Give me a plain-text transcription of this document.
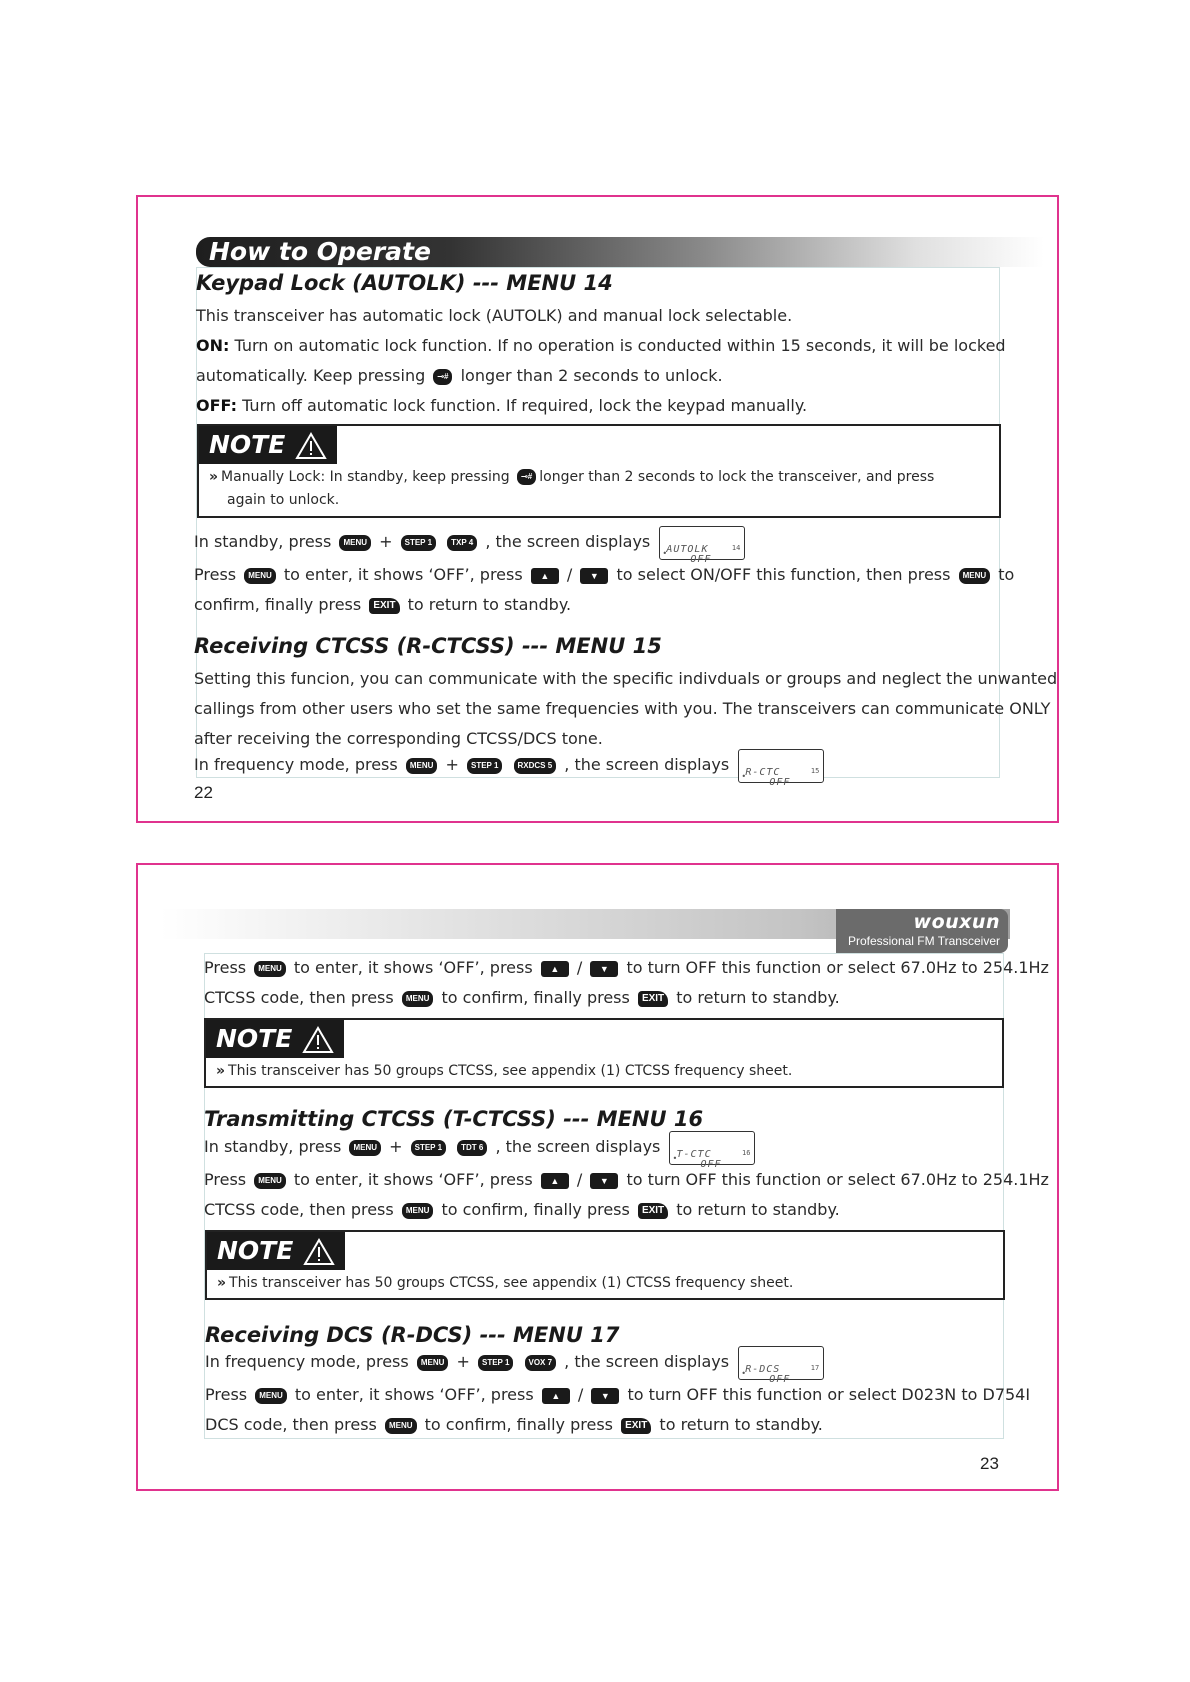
How to Operate
Keypad Lock (AUTOLK) --- MENU 14
This transceiver has automatic lock (AUTOLK) and manual lock selectable.
ON: Turn on automatic lock function. If no operation is conducted within 15 seconds, it will be locked
automatically. Keep pressing ⊸# longer than 2 seconds to unlock.
OFF: Turn off automatic lock function. If required, lock the keypad manually.
NOTE
» Manually Lock: In standby, keep pressing ⊸# longer than 2 seconds to lock the transceiver, and press
again to unlock.
In standby, press MENU + STEP 1 TXP 4 , the screen displays
• AUTOLK
OFF
14
Press MENU to enter, it shows ‘OFF’, press ▲ / ▼ to select ON/OFF this function, then press MENU to
confirm, finally press EXIT to return to standby.
Receiving CTCSS (R-CTCSS) --- MENU 15
Setting this funcion, you can communicate with the specific indivduals or groups and neglect the unwanted
callings from other users who set the same frequencies with you. The transceivers can communicate ONLY
after receiving the corresponding CTCSS/DCS tone.
In frequency mode, press MENU + STEP 1 RXDCS 5 , the screen displays
• R-CTC
OFF
15
22
wouxun
Professional FM Transceiver
Press MENU to enter, it shows ‘OFF’, press ▲ / ▼ to turn OFF this function or select 67.0Hz to 254.1Hz
CTCSS code, then press MENU to confirm, finally press EXIT to return to standby.
NOTE
» This transceiver has 50 groups CTCSS, see appendix (1) CTCSS frequency sheet.
Transmitting CTCSS (T-CTCSS) --- MENU 16
In standby, press MENU + STEP 1 TDT 6 , the screen displays
• T-CTC
OFF
16
Press MENU to enter, it shows ‘OFF’, press ▲ / ▼ to turn OFF this function or select 67.0Hz to 254.1Hz
CTCSS code, then press MENU to confirm, finally press EXIT to return to standby.
NOTE
» This transceiver has 50 groups CTCSS, see appendix (1) CTCSS frequency sheet.
Receiving DCS (R-DCS) --- MENU 17
In frequency mode, press MENU + STEP 1 VOX 7 , the screen displays
• R-DCS
OFF
17
Press MENU to enter, it shows ‘OFF’, press ▲ / ▼ to turn OFF this function or select D023N to D754I
DCS code, then press MENU to confirm, finally press EXIT to return to standby.
23
